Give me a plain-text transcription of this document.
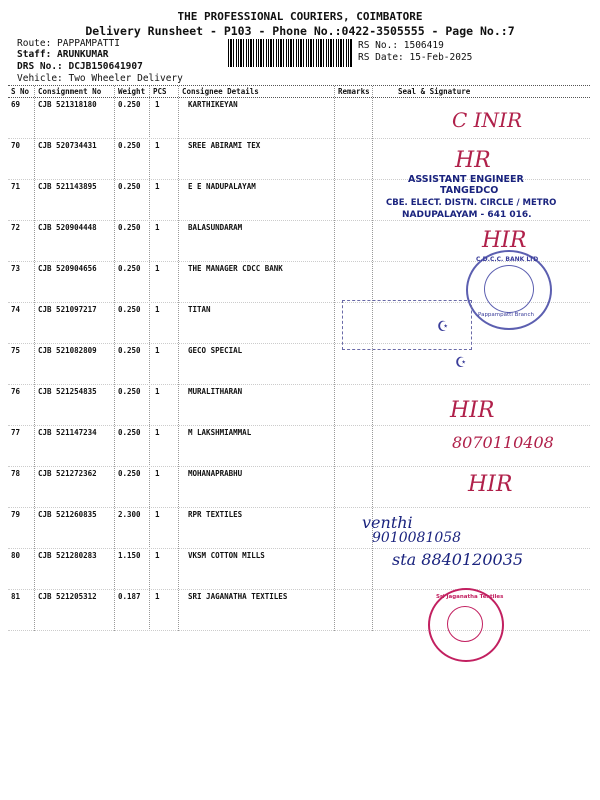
THE PROFESSIONAL COURIERS, COIMBATORE
Delivery Runsheet - P103 - Phone No.:0422-3505555 - Page No.:7
Route: PAPPAMPATTI
Staff: ARUNKUMAR
DRS No.: DCJB150641907
Vehicle: Two Wheeler Delivery
RS No.: 1506419
RS Date: 15-Feb-2025
S No Consignment No Weight PCS Consignee Details	Remarks	Seal & Signature
69 CJB 521318180	0.250 1	KARTHIKEYAN
70 CJB 520734431	0.250 1	SREE ABIRAMI TEX
71 CJB 521143895	0.250 1	E E NADUPALAYAM
72 CJB 520904448	0.250 1	BALASUNDARAM
73 CJB 520904656	0.250 1	THE MANAGER CDCC BANK
74 CJB 521097217	0.250 1	TITAN
75 CJB 521082809	0.250 1	GECO SPECIAL
76 CJB 521254835	0.250 1	MURALITHARAN
77 CJB 521147234	0.250 1	M LAKSHMIAMMAL
78 CJB 521272362	0.250 1	MOHANAPRABHU
79 CJB 521260835	2.300 1	RPR TEXTILES
80 CJB 521280283	1.150 1	VKSM COTTON MILLS
81 CJB 521205312	0.187 1	SRI JAGANATHA TEXTILES
C INIR
HR
HIR
HIR
8070110408
HIR
venthi
9010081058
sta 8840120035
ASSISTANT ENGINEER
TANGEDCO
CBE. ELECT. DISTN. CIRCLE / METRO
NADUPALAYAM - 641 016.
C.D.C.C. BANK LTD
Pappampatti Branch
☪
☪
Sri Jaganatha Textiles
